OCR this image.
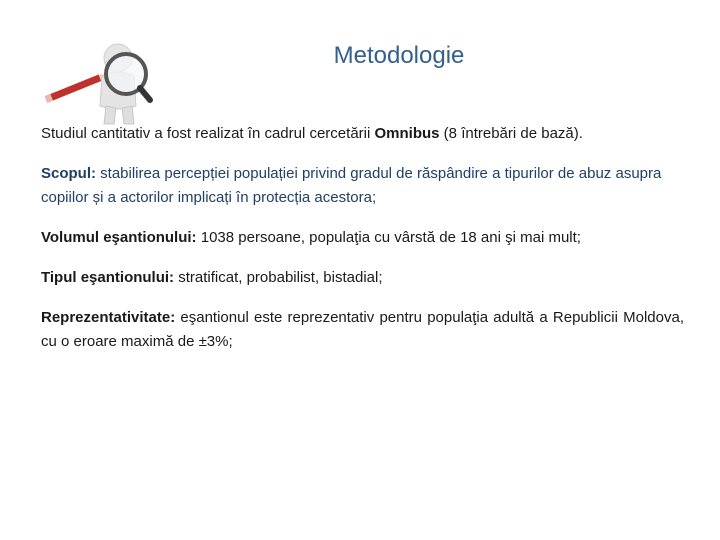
Metodologie

Studiul cantitativ a fost realizat în cadrul cercetării Omnibus (8 întrebări de bază).

Scopul: stabilirea percepției populației privind gradul de răspândire a tipurilor de abuz asupra copiilor și a actorilor implicați în protecția acestora;

Volumul eşantionului: 1038 persoane, populaţia cu vârstă de 18 ani şi mai mult;

Tipul eşantionului: stratificat, probabilist, bistadial;

Reprezentativitate: eşantionul este reprezentativ pentru populaţia adultă a Republicii Moldova, cu o eroare maximă de ±3%;
